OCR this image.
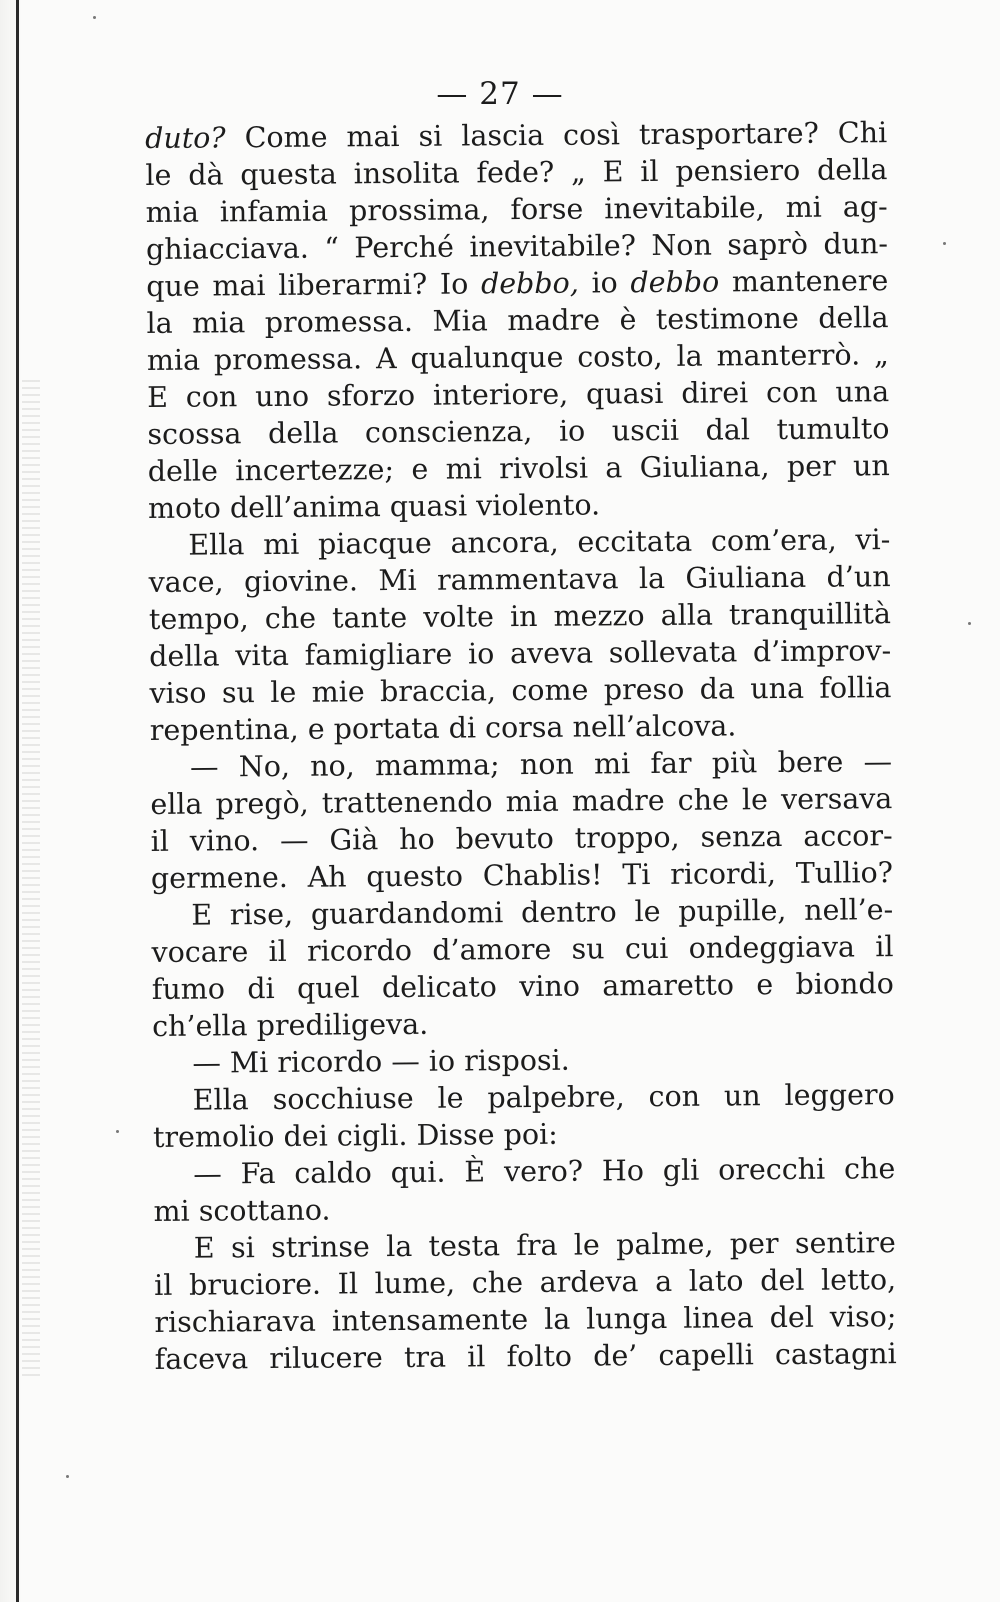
— 27 —
duto? Come mai si lascia così trasportare? Chi
le dà questa insolita fede? „ E il pensiero della
mia infamia prossima, forse inevitabile, mi ag-
ghiacciava. “ Perché inevitabile? Non saprò dun-
que mai liberarmi? Io debbo, io debbo mantenere
la mia promessa. Mia madre è testimone della
mia promessa. A qualunque costo, la manterrò. „
E con uno sforzo interiore, quasi direi con una
scossa della conscienza, io uscii dal tumulto
delle incertezze; e mi rivolsi a Giuliana, per un
moto dell’anima quasi violento.
Ella mi piacque ancora, eccitata com’era, vi-
vace, giovine. Mi rammentava la Giuliana d’un
tempo, che tante volte in mezzo alla tranquillità
della vita famigliare io aveva sollevata d’improv-
viso su le mie braccia, come preso da una follia
repentina, e portata di corsa nell’alcova.
— No, no, mamma; non mi far più bere —
ella pregò, trattenendo mia madre che le versava
il vino. — Già ho bevuto troppo, senza accor-
germene. Ah questo Chablis! Ti ricordi, Tullio?
E rise, guardandomi dentro le pupille, nell’e-
vocare il ricordo d’amore su cui ondeggiava il
fumo di quel delicato vino amaretto e biondo
ch’ella prediligeva.
— Mi ricordo — io risposi.
Ella socchiuse le palpebre, con un leggero
tremolio dei cigli. Disse poi:
— Fa caldo qui. È vero? Ho gli orecchi che
mi scottano.
E si strinse la testa fra le palme, per sentire
il bruciore. Il lume, che ardeva a lato del letto,
rischiarava intensamente la lunga linea del viso;
faceva rilucere tra il folto de’ capelli castagni
